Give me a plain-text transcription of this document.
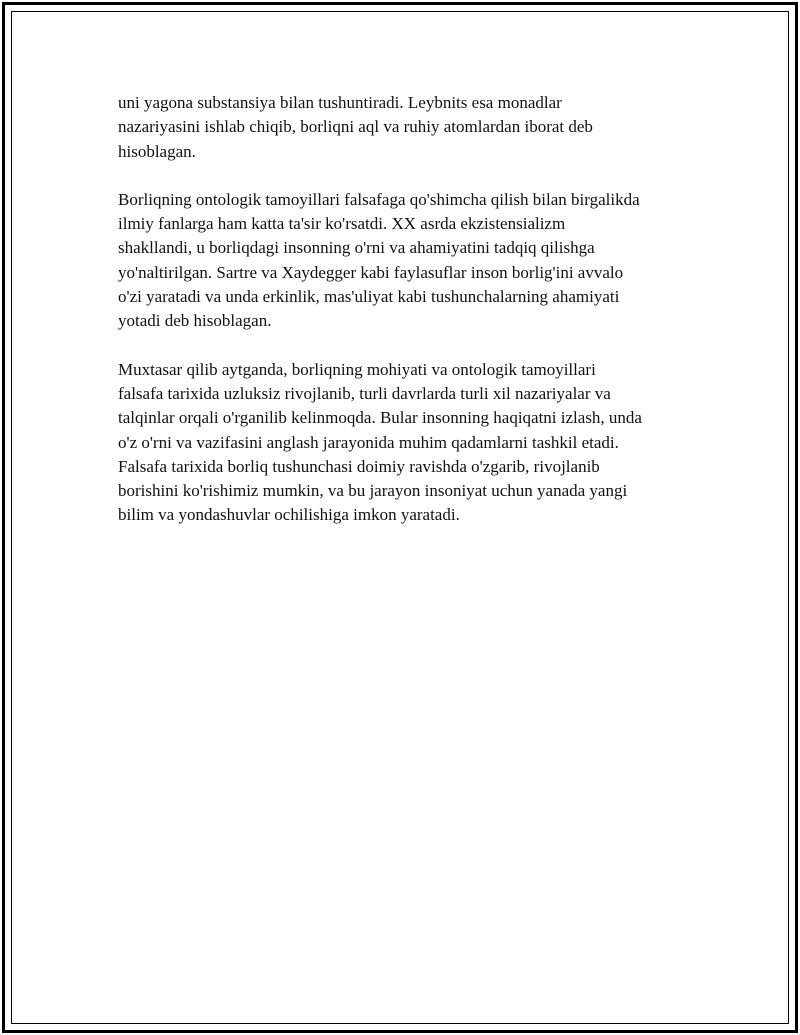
uni yagona substansiya bilan tushuntiradi. Leybnits esa monadlar
nazariyasini ishlab chiqib, borliqni aql va ruhiy atomlardan iborat deb
hisoblagan.

Borliqning ontologik tamoyillari falsafaga qo'shimcha qilish bilan birgalikda
ilmiy fanlarga ham katta ta'sir ko'rsatdi. XX asrda ekzistensializm
shakllandi, u borliqdagi insonning o'rni va ahamiyatini tadqiq qilishga
yo'naltirilgan. Sartre va Xaydegger kabi faylasuflar inson borlig'ini avvalo
o'zi yaratadi va unda erkinlik, mas'uliyat kabi tushunchalarning ahamiyati
yotadi deb hisoblagan.

Muxtasar qilib aytganda, borliqning mohiyati va ontologik tamoyillari
falsafa tarixida uzluksiz rivojlanib, turli davrlarda turli xil nazariyalar va
talqinlar orqali o'rganilib kelinmoqda. Bular insonning haqiqatni izlash, unda
o'z o'rni va vazifasini anglash jarayonida muhim qadamlarni tashkil etadi.
Falsafa tarixida borliq tushunchasi doimiy ravishda o'zgarib, rivojlanib
borishini ko'rishimiz mumkin, va bu jarayon insoniyat uchun yanada yangi
bilim va yondashuvlar ochilishiga imkon yaratadi.
